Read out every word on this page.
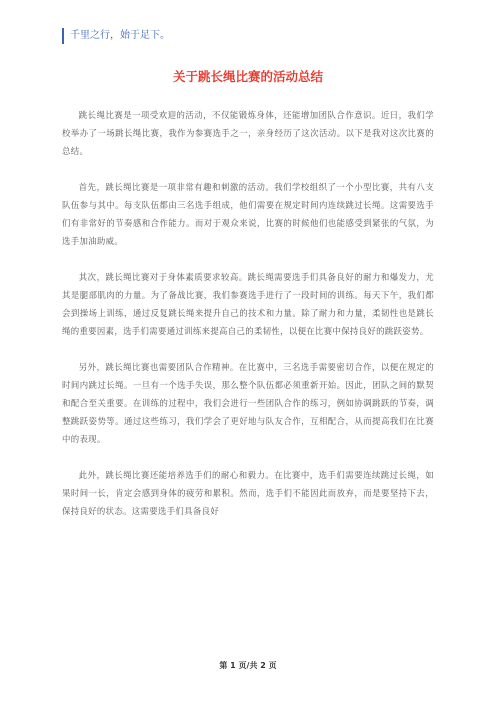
千里之行，始于足下。
关于跳长绳比赛的活动总结

跳长绳比赛是一项受欢迎的活动，不仅能锻炼身体，还能增加团队合作意识。近日，我们学校举办了一场跳长绳比赛，我作为参赛选手之一，亲身经历了这次活动。以下是我对这次比赛的总结。

首先，跳长绳比赛是一项非常有趣和刺激的活动。我们学校组织了一个小型比赛，共有八支队伍参与其中。每支队伍都由三名选手组成，他们需要在规定时间内连续跳过长绳。这需要选手们有非常好的节奏感和合作能力。而对于观众来说，比赛的时候他们也能感受到紧张的气氛，为选手加油助威。

其次，跳长绳比赛对于身体素质要求较高。跳长绳需要选手们具备良好的耐力和爆发力，尤其是腿部肌肉的力量。为了备战比赛，我们参赛选手进行了一段时间的训练。每天下午，我们都会到操场上训练，通过反复跳长绳来提升自己的技术和力量。除了耐力和力量，柔韧性也是跳长绳的重要因素，选手们需要通过训练来提高自己的柔韧性，以便在比赛中保持良好的跳跃姿势。

另外，跳长绳比赛也需要团队合作精神。在比赛中，三名选手需要密切合作，以便在规定的时间内跳过长绳。一旦有一个选手失误，那么整个队伍都必须重新开始。因此，团队之间的默契和配合至关重要。在训练的过程中，我们会进行一些团队合作的练习，例如协调跳跃的节奏，调整跳跃姿势等。通过这些练习，我们学会了更好地与队友合作，互相配合，从而提高我们在比赛中的表现。

此外，跳长绳比赛还能培养选手们的耐心和毅力。在比赛中，选手们需要连续跳过长绳，如果时间一长，肯定会感到身体的疲劳和累积。然而，选手们不能因此而放弃，而是要坚持下去，保持良好的状态。这需要选手们具备良好

第 1 页/共 2 页
